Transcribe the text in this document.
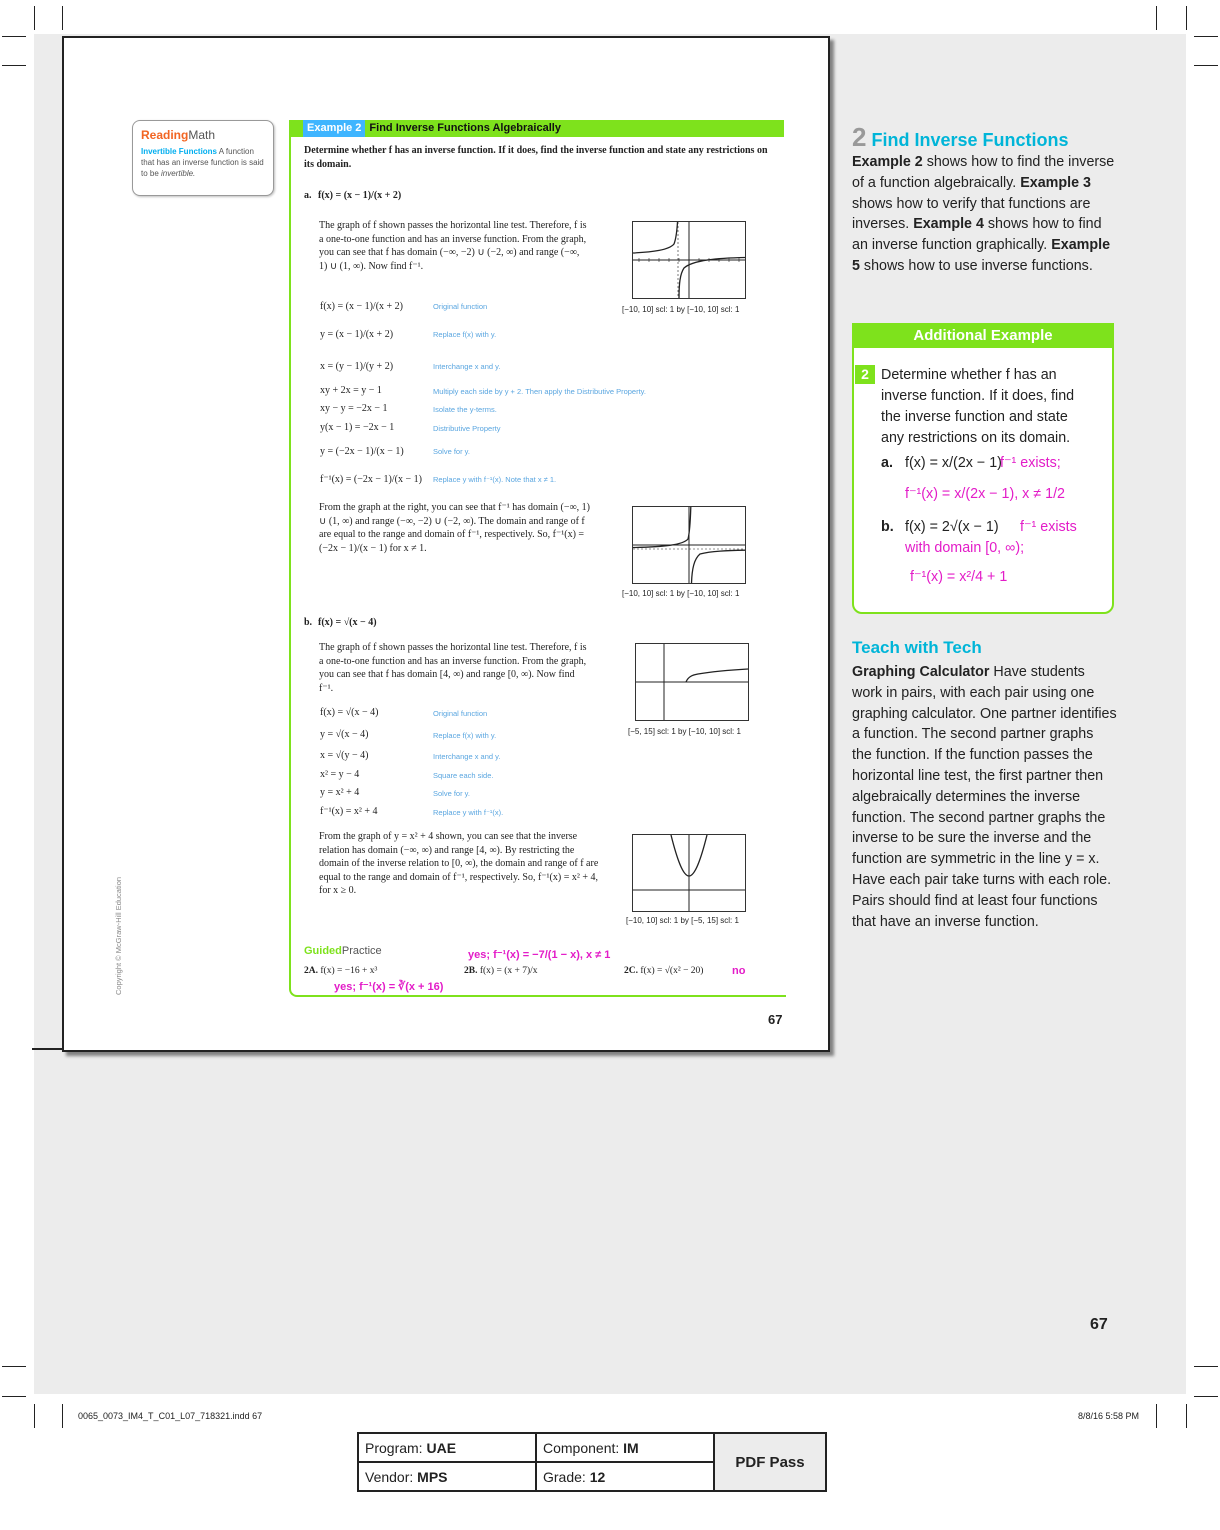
Copyright © McGraw-Hill Education
ReadingMath
Invertible Functions A function that has an inverse function is said to be invertible.
Example 2 Find Inverse Functions Algebraically
Determine whether f has an inverse function. If it does, find the inverse function and state any restrictions on its domain.
a. f(x) = (x − 1)/(x + 2)
The graph of f shown passes the horizontal line test. Therefore, f is a one-to-one function and has an inverse function. From the graph, you can see that f has domain (−∞, −2) ∪ (−2, ∞) and range (−∞, 1) ∪ (1, ∞). Now find f⁻¹.
f(x) = (x − 1)/(x + 2)	Original function
y = (x − 1)/(x + 2)	Replace f(x) with y.
x = (y − 1)/(y + 2)	Interchange x and y.
xy + 2x = y − 1	Multiply each side by y + 2. Then apply the Distributive Property.
xy − y = −2x − 1	Isolate the y-terms.
y(x − 1) = −2x − 1	Distributive Property
y = (−2x − 1)/(x − 1)	Solve for y.
f⁻¹(x) = (−2x − 1)/(x − 1) Replace y with f⁻¹(x). Note that x ≠ 1.
From the graph at the right, you can see that f⁻¹ has domain (−∞, 1) ∪ (1, ∞) and range (−∞, −2) ∪ (−2, ∞). The domain and range of f are equal to the range and domain of f⁻¹, respectively. So, f⁻¹(x) = (−2x − 1)/(x − 1) for x ≠ 1.
[−10, 10] scl: 1 by [−10, 10] scl: 1
[−10, 10] scl: 1 by [−10, 10] scl: 1
b. f(x) = √(x − 4)
The graph of f shown passes the horizontal line test. Therefore, f is a one-to-one function and has an inverse function. From the graph, you can see that f has domain [4, ∞) and range [0, ∞). Now find f⁻¹.
f(x) = √(x − 4)	Original function
y = √(x − 4)	Replace f(x) with y.
x = √(y − 4)	Interchange x and y.
x² = y − 4	Square each side.
y = x² + 4	Solve for y.
f⁻¹(x) = x² + 4	Replace y with f⁻¹(x).
From the graph of y = x² + 4 shown, you can see that the inverse relation has domain (−∞, ∞) and range [4, ∞). By restricting the domain of the inverse relation to [0, ∞), the domain and range of f are equal to the range and domain of f⁻¹, respectively. So, f⁻¹(x) = x² + 4, for x ≥ 0.
[−5, 15] scl: 1 by [−10, 10] scl: 1
[−10, 10] scl: 1 by [−5, 15] scl: 1
GuidedPractice
2A. f(x) = −16 + x³
yes; f⁻¹(x) = ∛(x + 16)
2B. f(x) = (x + 7)/x
yes; f⁻¹(x) = −7/(1 − x), x ≠ 1
2C. f(x) = √(x² − 20)	no
67
2 Find Inverse Functions
Example 2 shows how to find the inverse of a function algebraically. Example 3 shows how to verify that functions are inverses. Example 4 shows how to find an inverse function graphically. Example 5 shows how to use inverse functions.
Additional Example
2 Determine whether f has an
inverse function. If it does, find
the inverse function and state
any restrictions on its domain.
a. f(x) = x/(2x − 1)
f⁻¹ exists;
f⁻¹(x) = x/(2x − 1), x ≠ 1/2
b. f(x) = 2√(x − 1) f⁻¹ exists
with domain [0, ∞);
f⁻¹(x) = x²/4 + 1
Teach with Tech
Graphing Calculator Have students work in pairs, with each pair using one graphing calculator. One partner identifies a function. The second partner graphs the function. If the function passes the horizontal line test, the first partner then algebraically determines the inverse function. The second partner graphs the inverse to be sure the inverse and the function are symmetric in the line y = x. Have each pair take turns with each role. Pairs should find at least four functions that have an inverse function.
67
0065_0073_IM4_T_C01_L07_718321.indd 67	8/8/16 5:58 PM
Program: UAE	Component: IM	PDF Pass
Vendor: MPS	Grade: 12	
